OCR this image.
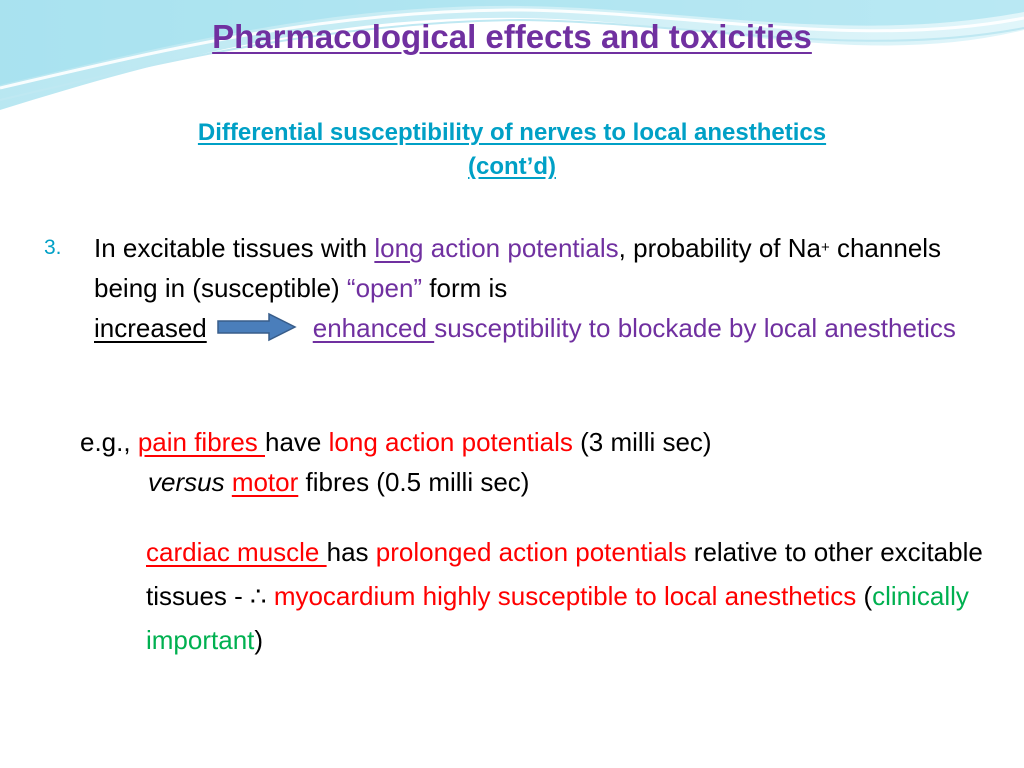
Pharmacological effects and toxicities
Differential susceptibility of nerves to local anesthetics
(cont’d)
3. In excitable tissues with long action potentials, probability of Na+ channels being in (susceptible) “open” form is
increased	enhanced susceptibility to blockade by local anesthetics
e.g., pain fibres have long action potentials (3 milli sec)
versus motor fibres (0.5 milli sec)
cardiac muscle has prolonged action potentials relative to other excitable tissues - ∴ myocardium highly susceptible to local anesthetics (clinically important)
